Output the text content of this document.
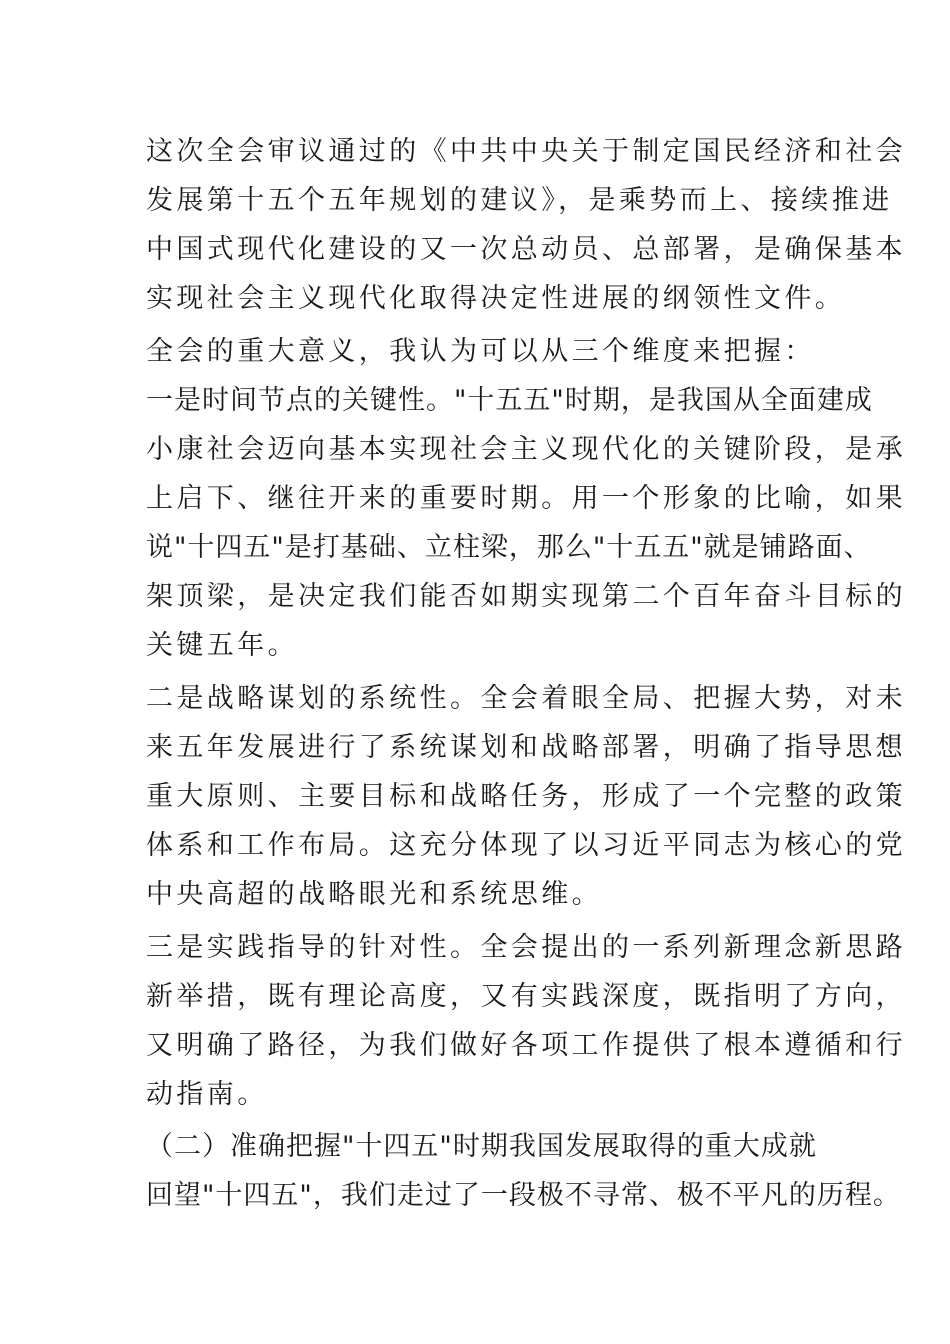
这次全会审议通过的《中共中央关于制定国民经济和社会
发展第十五个五年规划的建议》，是乘势而上、接续推进
中国式现代化建设的又一次总动员、总部署，是确保基本
实现社会主义现代化取得决定性进展的纲领性文件。
全会的重大意义，我认为可以从三个维度来把握：
一是时间节点的关键性。"十五五"时期，是我国从全面建成
小康社会迈向基本实现社会主义现代化的关键阶段，是承
上启下、继往开来的重要时期。用一个形象的比喻，如果
说"十四五"是打基础、立柱梁，那么"十五五"就是铺路面、
架顶梁，是决定我们能否如期实现第二个百年奋斗目标的
关键五年。
二是战略谋划的系统性。全会着眼全局、把握大势，对未
来五年发展进行了系统谋划和战略部署，明确了指导思想
重大原则、主要目标和战略任务，形成了一个完整的政策
体系和工作布局。这充分体现了以习近平同志为核心的党
中央高超的战略眼光和系统思维。
三是实践指导的针对性。全会提出的一系列新理念新思路
新举措，既有理论高度，又有实践深度，既指明了方向，
又明确了路径，为我们做好各项工作提供了根本遵循和行
动指南。
（二）准确把握"十四五"时期我国发展取得的重大成就
回望"十四五"，我们走过了一段极不寻常、极不平凡的历程。
